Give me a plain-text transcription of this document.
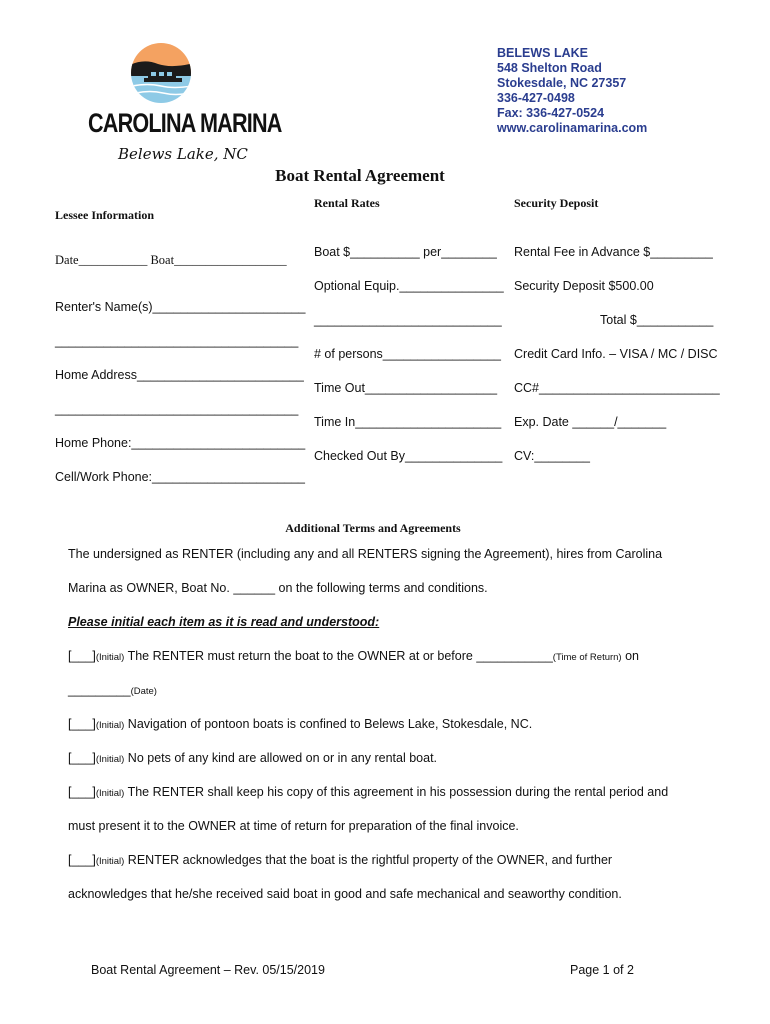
CAROLINA MARINA
Belews Lake, NC
BELEWS LAKE
548 Shelton Road
Stokesdale, NC 27357
336-427-0498
Fax: 336-427-0524
www.carolinamarina.com
Boat Rental Agreement
Lessee Information
Rental Rates	Security Deposit
Date___________ Boat__________________
Renter's Name(s)______________________
___________________________________
Home Address________________________
___________________________________
Home Phone:_________________________
Cell/Work Phone:______________________
Boat $__________ per________
Optional Equip._______________
___________________________
# of persons_________________
Time Out___________________
Time In_____________________
Checked Out By______________
Rental Fee in Advance $_________
Security Deposit $500.00
Total $___________
Credit Card Info. – VISA / MC / DISC
CC#__________________________
Exp. Date ______/_______
CV:________
Additional Terms and Agreements
The undersigned as RENTER (including any and all RENTERS signing the Agreement), hires from Carolina
Marina as OWNER, Boat No. ______ on the following terms and conditions.
Please initial each item as it is read and understood:
[___](Initial) The RENTER must return the boat to the OWNER at or before ___________(Time of Return) on
_________(Date)
[___](Initial) Navigation of pontoon boats is confined to Belews Lake, Stokesdale, NC.
[___](Initial) No pets of any kind are allowed on or in any rental boat.
[___](Initial) The RENTER shall keep his copy of this agreement in his possession during the rental period and
must present it to the OWNER at time of return for preparation of the final invoice.
[___](Initial) RENTER acknowledges that the boat is the rightful property of the OWNER, and further
acknowledges that he/she received said boat in good and safe mechanical and seaworthy condition.
Boat Rental Agreement – Rev. 05/15/2019	Page 1 of 2
